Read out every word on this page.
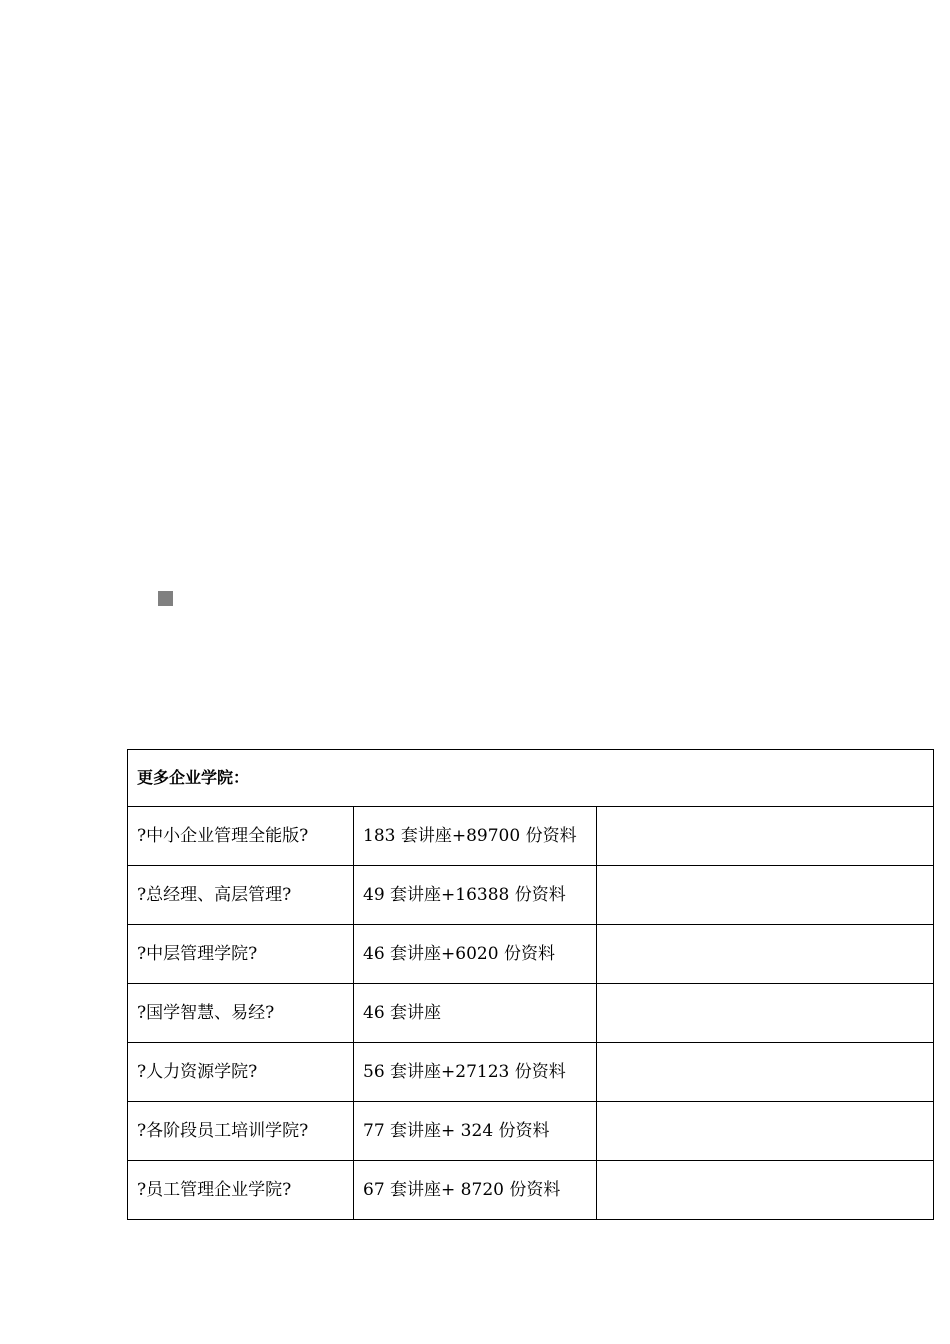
更多企业学院：		
?中小企业管理全能版?	183 套讲座+89700 份资料	
?总经理、高层管理?	49 套讲座+16388 份资料	
?中层管理学院?	46 套讲座+6020 份资料	
?国学智慧、易经?	46 套讲座	
?人力资源学院?	56 套讲座+27123 份资料	
?各阶段员工培训学院?	77 套讲座+ 324 份资料	
?员工管理企业学院?	67 套讲座+ 8720 份资料	
